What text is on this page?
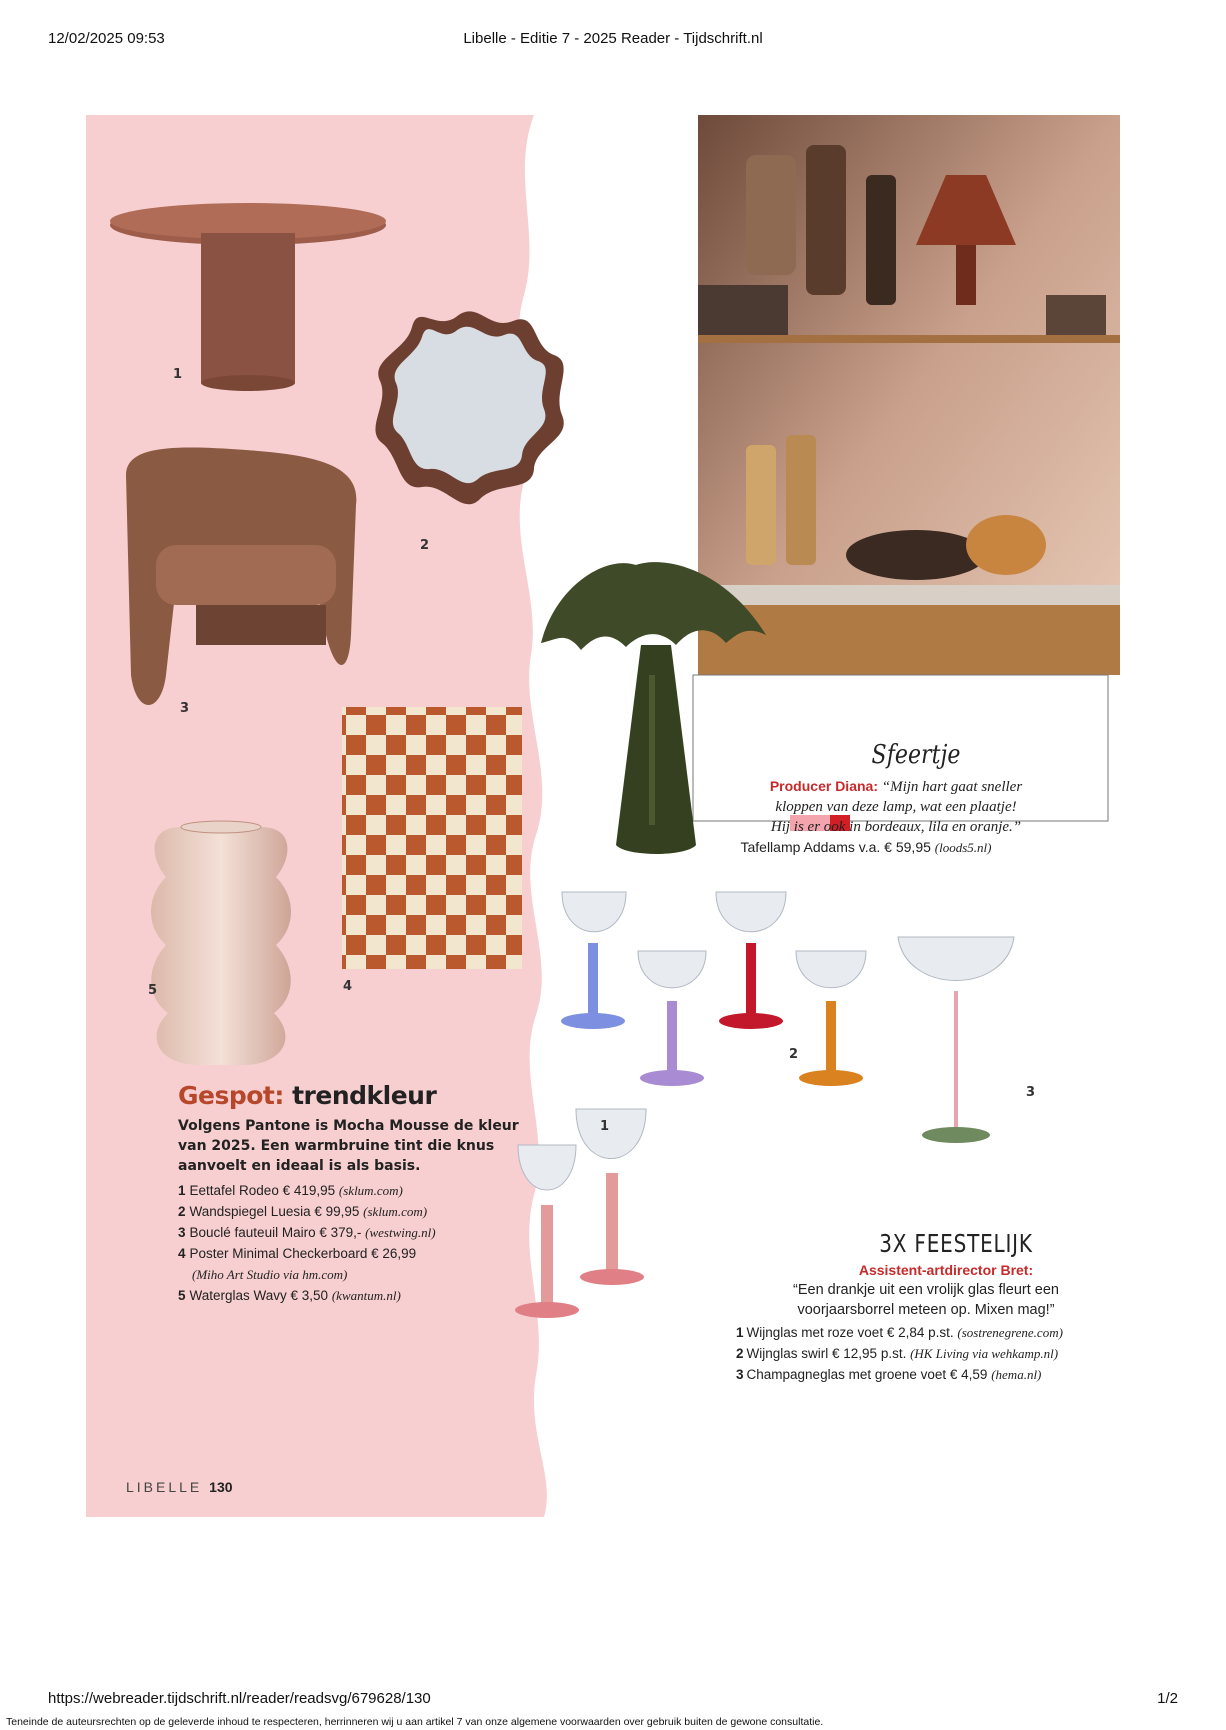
12/02/2025 09:53	Libelle - Editie 7 - 2025 Reader - Tijdschrift.nl
1
2
3
4
5
1
2
3
Gespot: trendkleur

Volgens Pantone is Mocha Mousse de kleur van 2025. Een warmbruine tint die knus aanvoelt en ideaal is als basis.

1 Eettafel Rodeo € 419,95 (sklum.com)
2 Wandspiegel Luesia € 99,95 (sklum.com)
3 Bouclé fauteuil Mairo € 379,- (westwing.nl)
4 Poster Minimal Checkerboard € 26,99
(Miho Art Studio via hm.com)
5 Waterglas Wavy € 3,50 (kwantum.nl)
LIBELLE 130
Sfeertje
Producer Diana: “Mijn hart gaat sneller
kloppen van deze lamp, wat een plaatje!
Hij is er ook in bordeaux, lila en oranje.”
Tafellamp Addams v.a. € 59,95 (loods5.nl)
3X FEESTELIJK
Assistent-artdirector Bret:
“Een drankje uit een vrolijk glas fleurt een
voorjaarsborrel meteen op. Mixen mag!”
1 Wijnglas met roze voet € 2,84 p.st. (sostrenegrene.com)
2 Wijnglas swirl € 12,95 p.st. (HK Living via wehkamp.nl)
3 Champagneglas met groene voet € 4,59 (hema.nl)
https://webreader.tijdschrift.nl/reader/readsvg/679628/130	1/2
Teneinde de auteursrechten op de geleverde inhoud te respecteren, herrinneren wij u aan artikel 7 van onze algemene voorwaarden over gebruik buiten de gewone consultatie.
